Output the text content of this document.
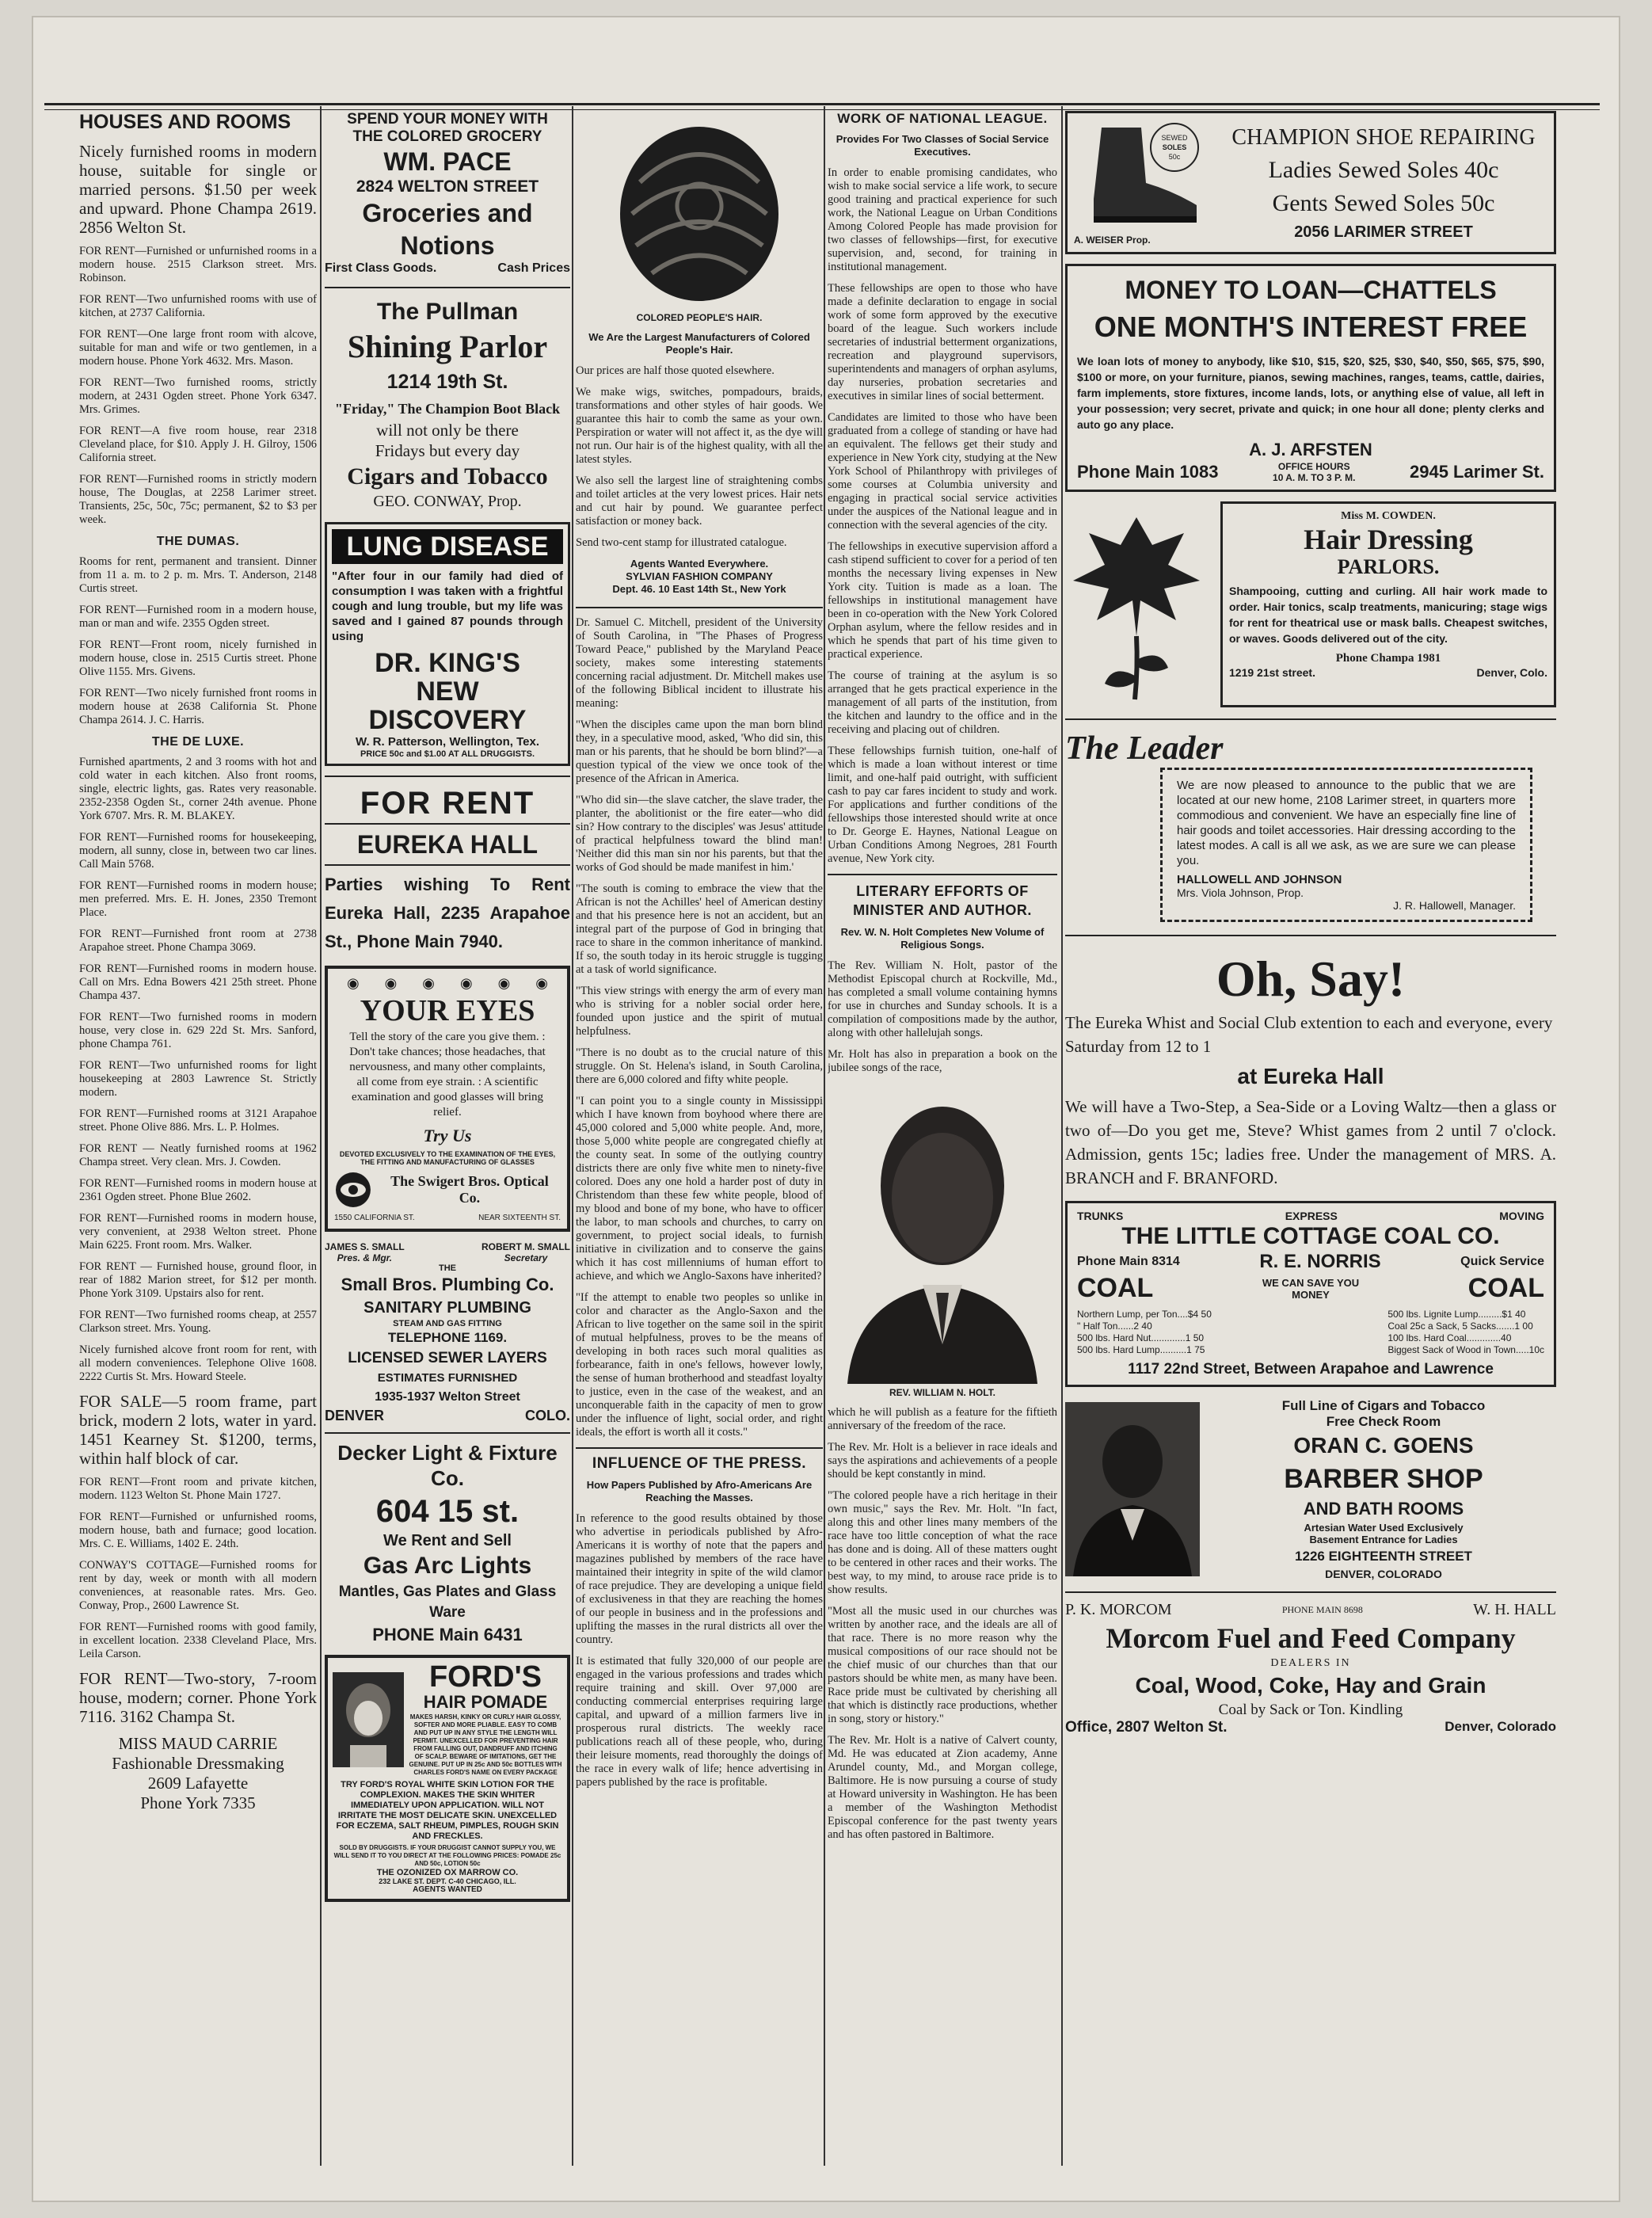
HOUSES AND ROOMS

Nicely furnished rooms in modern house, suitable for single or married persons. $1.50 per week and upward. Phone Champa 2619. 2856 Welton St.

FOR RENT—Furnished or unfurnished rooms in a modern house. 2515 Clarkson street. Mrs. Robinson.

FOR RENT—Two unfurnished rooms with use of kitchen, at 2737 California.

FOR RENT—One large front room with alcove, suitable for man and wife or two gentlemen, in a modern house. Phone York 4632. Mrs. Mason.

FOR RENT—Two furnished rooms, strictly modern, at 2431 Ogden street. Phone York 6347. Mrs. Grimes.

FOR RENT—A five room house, rear 2318 Cleveland place, for $10. Apply J. H. Gilroy, 1506 California street.

FOR RENT—Furnished rooms in strictly modern house, The Douglas, at 2258 Larimer street. Transients, 25c, 50c, 75c; permanent, $2 to $3 per week.

THE DUMAS.

Rooms for rent, permanent and transient. Dinner from 11 a. m. to 2 p. m. Mrs. T. Anderson, 2148 Curtis street.

FOR RENT—Furnished room in a modern house, man or man and wife. 2355 Ogden street.

FOR RENT—Front room, nicely furnished in modern house, close in. 2515 Curtis street. Phone Olive 1155. Mrs. Givens.

FOR RENT—Two nicely furnished front rooms in modern house at 2638 California St. Phone Champa 2614. J. C. Harris.

THE DE LUXE.

Furnished apartments, 2 and 3 rooms with hot and cold water in each kitchen. Also front rooms, single, electric lights, gas. Rates very reasonable. 2352-2358 Ogden St., corner 24th avenue. Phone York 6707. Mrs. R. M. BLAKEY.

FOR RENT—Furnished rooms for housekeeping, modern, all sunny, close in, between two car lines. Call Main 5768.

FOR RENT—Furnished rooms in modern house; men preferred. Mrs. E. H. Jones, 2350 Tremont Place.

FOR RENT—Furnished front room at 2738 Arapahoe street. Phone Champa 3069.

FOR RENT—Furnished rooms in modern house. Call on Mrs. Edna Bowers 421 25th street. Phone Champa 437.

FOR RENT—Two furnished rooms in modern house, very close in. 629 22d St. Mrs. Sanford, phone Champa 761.

FOR RENT—Two unfurnished rooms for light housekeeping at 2803 Lawrence St. Strictly modern.

FOR RENT—Furnished rooms at 3121 Arapahoe street. Phone Olive 886. Mrs. L. P. Holmes.

FOR RENT — Neatly furnished rooms at 1962 Champa street. Very clean. Mrs. J. Cowden.

FOR RENT—Furnished rooms in modern house at 2361 Ogden street. Phone Blue 2602.

FOR RENT—Furnished rooms in modern house, very convenient, at 2938 Welton street. Phone Main 6225. Front room. Mrs. Walker.

FOR RENT — Furnished house, ground floor, in rear of 1882 Marion street, for $12 per month. Phone York 3109. Upstairs also for rent.

FOR RENT—Two furnished rooms cheap, at 2557 Clarkson street. Mrs. Young.

Nicely furnished alcove front room for rent, with all modern conveniences. Telephone Olive 1608. 2222 Curtis St. Mrs. Howard Steele.

FOR SALE—5 room frame, part brick, modern 2 lots, water in yard. 1451 Kearney St. $1200, terms, within half block of car.

FOR RENT—Front room and private kitchen, modern. 1123 Welton St. Phone Main 1727.

FOR RENT—Furnished or unfurnished rooms, modern house, bath and furnace; good location. Mrs. C. E. Williams, 1402 E. 24th.

CONWAY'S COTTAGE—Furnished rooms for rent by day, week or month with all modern conveniences, at reasonable rates. Mrs. Geo. Conway, Prop., 2600 Lawrence St.

FOR RENT—Furnished rooms with good family, in excellent location. 2338 Cleveland Place, Mrs. Leila Carson.

FOR RENT—Two-story, 7-room house, modern; corner. Phone York 7116. 3162 Champa St.

MISS MAUD CARRIE
Fashionable Dressmaking
2609 Lafayette
Phone York 7335
SPEND YOUR MONEY WITH
THE COLORED GROCERY
WM. PACE
2824 WELTON STREET
Groceries and
Notions
First Class Goods.	Cash Prices
The Pullman
Shining Parlor
1214 19th St.
"Friday," The Champion Boot Black
will not only be there
Fridays but every day
Cigars and Tobacco
GEO. CONWAY, Prop.
LUNG DISEASE
"After four in our family had died of consumption I was taken with a frightful cough and lung trouble, but my life was saved and I gained 87 pounds through using
DR. KING'S
NEW
DISCOVERY
W. R. Patterson, Wellington, Tex.
PRICE 50c and $1.00 AT ALL DRUGGISTS.
FOR RENT
EUREKA HALL
Parties wishing To Rent Eureka Hall, 2235 Arapahoe St., Phone Main 7940.
◉ ◉ ◉ ◉ ◉ ◉
YOUR EYES
Tell the story of the care you give them. : Don't take chances; those headaches, that nervousness, and many other complaints, all come from eye strain. : A scientific examination and good glasses will bring relief.
Try Us
DEVOTED EXCLUSIVELY TO THE EXAMINATION OF THE EYES, THE FITTING AND MANUFACTURING OF GLASSES
The Swigert Bros. Optical Co.
1550 CALIFORNIA ST.	NEAR SIXTEENTH ST.
JAMES S. SMALL
Pres. & Mgr.
ROBERT M. SMALL
Secretary
THE
Small Bros. Plumbing Co.
SANITARY PLUMBING
STEAM AND GAS FITTING
TELEPHONE 1169.
LICENSED SEWER LAYERS
ESTIMATES FURNISHED
1935-1937 Welton Street
DENVER	COLO.
Decker Light & Fixture Co.
604 15 st.
We Rent and Sell
Gas Arc Lights
Mantles, Gas Plates and Glass Ware
PHONE Main 6431
FORD'S
HAIR POMADE
MAKES HARSH, KINKY OR CURLY HAIR GLOSSY, SOFTER AND MORE PLIABLE. EASY TO COMB AND PUT UP IN ANY STYLE THE LENGTH WILL PERMIT. UNEXCELLED FOR PREVENTING HAIR FROM FALLING OUT, DANDRUFF AND ITCHING OF SCALP. BEWARE OF IMITATIONS, GET THE GENUINE. PUT UP IN 25c AND 50c BOTTLES WITH CHARLES FORD'S NAME ON EVERY PACKAGE
TRY FORD'S ROYAL WHITE SKIN LOTION FOR THE COMPLEXION. MAKES THE SKIN WHITER IMMEDIATELY UPON APPLICATION. WILL NOT IRRITATE THE MOST DELICATE SKIN. UNEXCELLED FOR ECZEMA, SALT RHEUM, PIMPLES, ROUGH SKIN AND FRECKLES.
SOLD BY DRUGGISTS. IF YOUR DRUGGIST CANNOT SUPPLY YOU, WE WILL SEND IT TO YOU DIRECT AT THE FOLLOWING PRICES: POMADE 25c AND 50c, LOTION 50c
THE OZONIZED OX MARROW CO.
232 LAKE ST. DEPT. C-40 CHICAGO, ILL.
AGENTS WANTED
COLORED PEOPLE'S HAIR.
We Are the Largest Manufacturers of Colored People's Hair.

Our prices are half those quoted elsewhere.

We make wigs, switches, pompadours, braids, transformations and other styles of hair goods. We guarantee this hair to comb the same as your own. Perspiration or water will not affect it, as the dye will not run. Our hair is of the highest quality, with all the latest styles.

We also sell the largest line of straightening combs and toilet articles at the very lowest prices. Hair nets and cut hair by pound. We guarantee perfect satisfaction or money back.

Send two-cent stamp for illustrated catalogue.

Agents Wanted Everywhere.
SYLVIAN FASHION COMPANY
Dept. 46. 10 East 14th St., New York

Dr. Samuel C. Mitchell, president of the University of South Carolina, in "The Phases of Progress Toward Peace," published by the Maryland Peace society, makes some interesting statements concerning racial adjustment. Dr. Mitchell makes use of the following Biblical incident to illustrate his meaning:

"When the disciples came upon the man born blind they, in a speculative mood, asked, 'Who did sin, this man or his parents, that he should be born blind?'—a question typical of the view we once took of the presence of the African in America.

"Who did sin—the slave catcher, the slave trader, the planter, the abolitionist or the fire eater—who did sin? How contrary to the disciples' was Jesus' attitude of practical helpfulness toward the blind man! 'Neither did this man sin nor his parents, but that the works of God should be made manifest in him.'

"The south is coming to embrace the view that the African is not the Achilles' heel of American destiny and that his presence here is not an accident, but an integral part of the purpose of God in bringing that race to share in the common inheritance of mankind. If so, the south today in its heroic struggle is tugging at a task of world significance.

"This view strings with energy the arm of every man who is striving for a nobler social order here, founded upon justice and the spirit of mutual helpfulness.

"There is no doubt as to the crucial nature of this struggle. On St. Helena's island, in South Carolina, there are 6,000 colored and fifty white people.

"I can point you to a single county in Mississippi which I have known from boyhood where there are 45,000 colored and 5,000 white people. And, more, those 5,000 white people are congregated chiefly at the county seat. In some of the outlying country districts there are only five white men to ninety-five colored. Does any one hold a harder post of duty in Christendom than these few white people, blood of my blood and bone of my bone, who have to officer the labor, to man schools and churches, to carry on government, to project social ideals, to furnish initiative in civilization and to conserve the gains which it has cost millenniums of human effort to achieve, and which we Anglo-Saxons have inherited?

"If the attempt to enable two peoples so unlike in color and character as the Anglo-Saxon and the African to live together on the same soil in the spirit of mutual helpfulness, proves to be the means of developing in both races such moral qualities as forbearance, faith in one's fellows, however lowly, the sense of human brotherhood and steadfast loyalty to justice, even in the case of the weakest, and an unconquerable faith in the capacity of men to grow under the influence of light, social order, and right ideals, the effort is worth all it costs."

INFLUENCE OF THE PRESS.
How Papers Published by Afro-Americans Are Reaching the Masses.

In reference to the good results obtained by those who advertise in periodicals published by Afro-Americans it is worthy of note that the papers and magazines published by members of the race have maintained their integrity in spite of the wild clamor of race prejudice. They are developing a unique field of exclusiveness in that they are reaching the homes of our people in business and in the professions and uplifting the masses in the rural districts all over the country.

It is estimated that fully 320,000 of our people are engaged in the various professions and trades which require training and skill. Over 97,000 are conducting commercial enterprises requiring large capital, and upward of a million farmers live in prosperous rural districts. The weekly race publications reach all of these people, who, during their leisure moments, read thoroughly the doings of the race in every walk of life; hence advertising in papers published by the race is profitable.

WORK OF NATIONAL LEAGUE.
Provides For Two Classes of Social Service Executives.

In order to enable promising candidates, who wish to make social service a life work, to secure good training and practical experience for such work, the National League on Urban Conditions Among Colored People has made provision for two classes of fellowships—first, for executive supervision, and, second, for training in institutional management.

These fellowships are open to those who have made a definite declaration to engage in social work of some form approved by the executive board of the league. Such workers include secretaries of industrial betterment organizations, recreation and playground supervisors, superintendents and managers of orphan asylums, day nurseries, probation secretaries and executives in similar lines of social betterment.

Candidates are limited to those who have been graduated from a college of standing or have had an equivalent. The fellows get their study and experience in New York city, studying at the New York School of Philanthropy with privileges of some courses at Columbia university and engaging in practical social service activities under the auspices of the National league and in connection with the several agencies of the city.

The fellowships in executive supervision afford a cash stipend sufficient to cover for a period of ten months the necessary living expenses in New York city. Tuition is made as a loan. The fellowships in institutional management have been in co-operation with the New York Colored Orphan asylum, where the fellow resides and in which he spends that part of his time given to practical experience.

The course of training at the asylum is so arranged that he gets practical experience in the management of all parts of the institution, from the kitchen and laundry to the office and in the receiving and placing out of children.

These fellowships furnish tuition, one-half of which is made a loan without interest or time limit, and one-half paid outright, with sufficient cash to pay car fares incident to study and work. For applications and further conditions of the fellowships those interested should write at once to Dr. George E. Haynes, National League on Urban Conditions Among Negroes, 281 Fourth avenue, New York city.

LITERARY EFFORTS OF MINISTER AND AUTHOR.
Rev. W. N. Holt Completes New Volume of Religious Songs.

The Rev. William N. Holt, pastor of the Methodist Episcopal church at Rockville, Md., has completed a small volume containing hymns for use in churches and Sunday schools. It is a compilation of compositions made by the author, along with other hallelujah songs.

Mr. Holt has also in preparation a book on the jubilee songs of the race,

REV. WILLIAM N. HOLT.

which he will publish as a feature for the fiftieth anniversary of the freedom of the race.

The Rev. Mr. Holt is a believer in race ideals and says the aspirations and achievements of a people should be kept constantly in mind.

"The colored people have a rich heritage in their own music," says the Rev. Mr. Holt. "In fact, along this and other lines many members of the race have too little conception of what the race has done and is doing. All of these matters ought to be centered in other races and their works. The best way, to my mind, to arouse race pride is to show results.

"Most all the music used in our churches was written by another race, and the ideals are all of that race. There is no more reason why the musical compositions of our race should not be the chief music of our churches than that our pastors should be white men, as many have been. Race pride must be cultivated by cherishing all that which is distinctly race productions, whether in song, story or history."

The Rev. Mr. Holt is a native of Calvert county, Md. He was educated at Zion academy, Anne Arundel county, Md., and Morgan college, Baltimore. He is now pursuing a course of study at Howard university in Washington. He has been a member of the Washington Methodist Episcopal conference for the past twenty years and has often pastored in Baltimore.

SEWED
SOLES
50c
A. WEISER Prop.
CHAMPION SHOE REPAIRING
Ladies Sewed Soles 40c
Gents Sewed Soles 50c
2056 LARIMER STREET
MONEY TO LOAN—CHATTELS
ONE MONTH'S INTEREST FREE
We loan lots of money to anybody, like $10, $15, $20, $25, $30, $40, $50, $65, $75, $90, $100 or more, on your furniture, pianos, sewing machines, ranges, teams, cattle, dairies, farm implements, store fixtures, income lands, lots, or anything else of value, all left in your possession; very secret, private and quick; in one hour all done; plenty clerks and auto go any place.
A. J. ARFSTEN
Phone Main 1083	OFFICE HOURS
10 A. M. TO 3 P. M.	2945 Larimer St.
Miss M. COWDEN.
Hair Dressing
PARLORS.
Shampooing, cutting and curling. All hair work made to order. Hair tonics, scalp treatments, manicuring; stage wigs for rent for theatrical use or mask balls. Cheapest switches, or waves. Goods delivered out of the city.
Phone Champa 1981
1219 21st street.	Denver, Colo.
The Leader
We are now pleased to announce to the public that we are located at our new home, 2108 Larimer street, in quarters more commodious and convenient. We have an especially fine line of hair goods and toilet accessories. Hair dressing according to the latest modes. A call is all we ask, as we are sure we can please you.
HALLOWELL AND JOHNSON
Mrs. Viola Johnson, Prop.
J. R. Hallowell, Manager.
Oh, Say!
The Eureka Whist and Social Club extention to each and everyone, every Saturday from 12 to 1
at Eureka Hall
We will have a Two-Step, a Sea-Side or a Loving Waltz—then a glass or two of—Do you get me, Steve? Whist games from 2 until 7 o'clock. Admission, gents 15c; ladies free. Under the management of MRS. A. BRANCH and F. BRANFORD.
TRUNKS	EXPRESS	MOVING
THE LITTLE COTTAGE COAL CO.
Phone Main 8314	R. E. NORRIS	Quick Service
COAL	WE CAN SAVE YOU MONEY	COAL
Northern Lump, per Ton....$4 50
" Half Ton......2 40
500 lbs. Hard Nut.............1 50
500 lbs. Hard Lump..........1 75
500 lbs. Lignite Lump.........$1 40
Coal 25c a Sack, 5 Sacks.......1 00
100 lbs. Hard Coal.............40
Biggest Sack of Wood in Town.....10c
1117 22nd Street, Between Arapahoe and Lawrence
Full Line of Cigars and Tobacco
Free Check Room
ORAN C. GOENS
BARBER SHOP
AND BATH ROOMS
Artesian Water Used Exclusively
Basement Entrance for Ladies
1226 EIGHTEENTH STREET
DENVER, COLORADO
P. K. MORCOM	PHONE MAIN 8698	W. H. HALL
Morcom Fuel and Feed Company
DEALERS IN
Coal, Wood, Coke, Hay and Grain
Coal by Sack or Ton. Kindling
Office, 2807 Welton St.	Denver, Colorado
